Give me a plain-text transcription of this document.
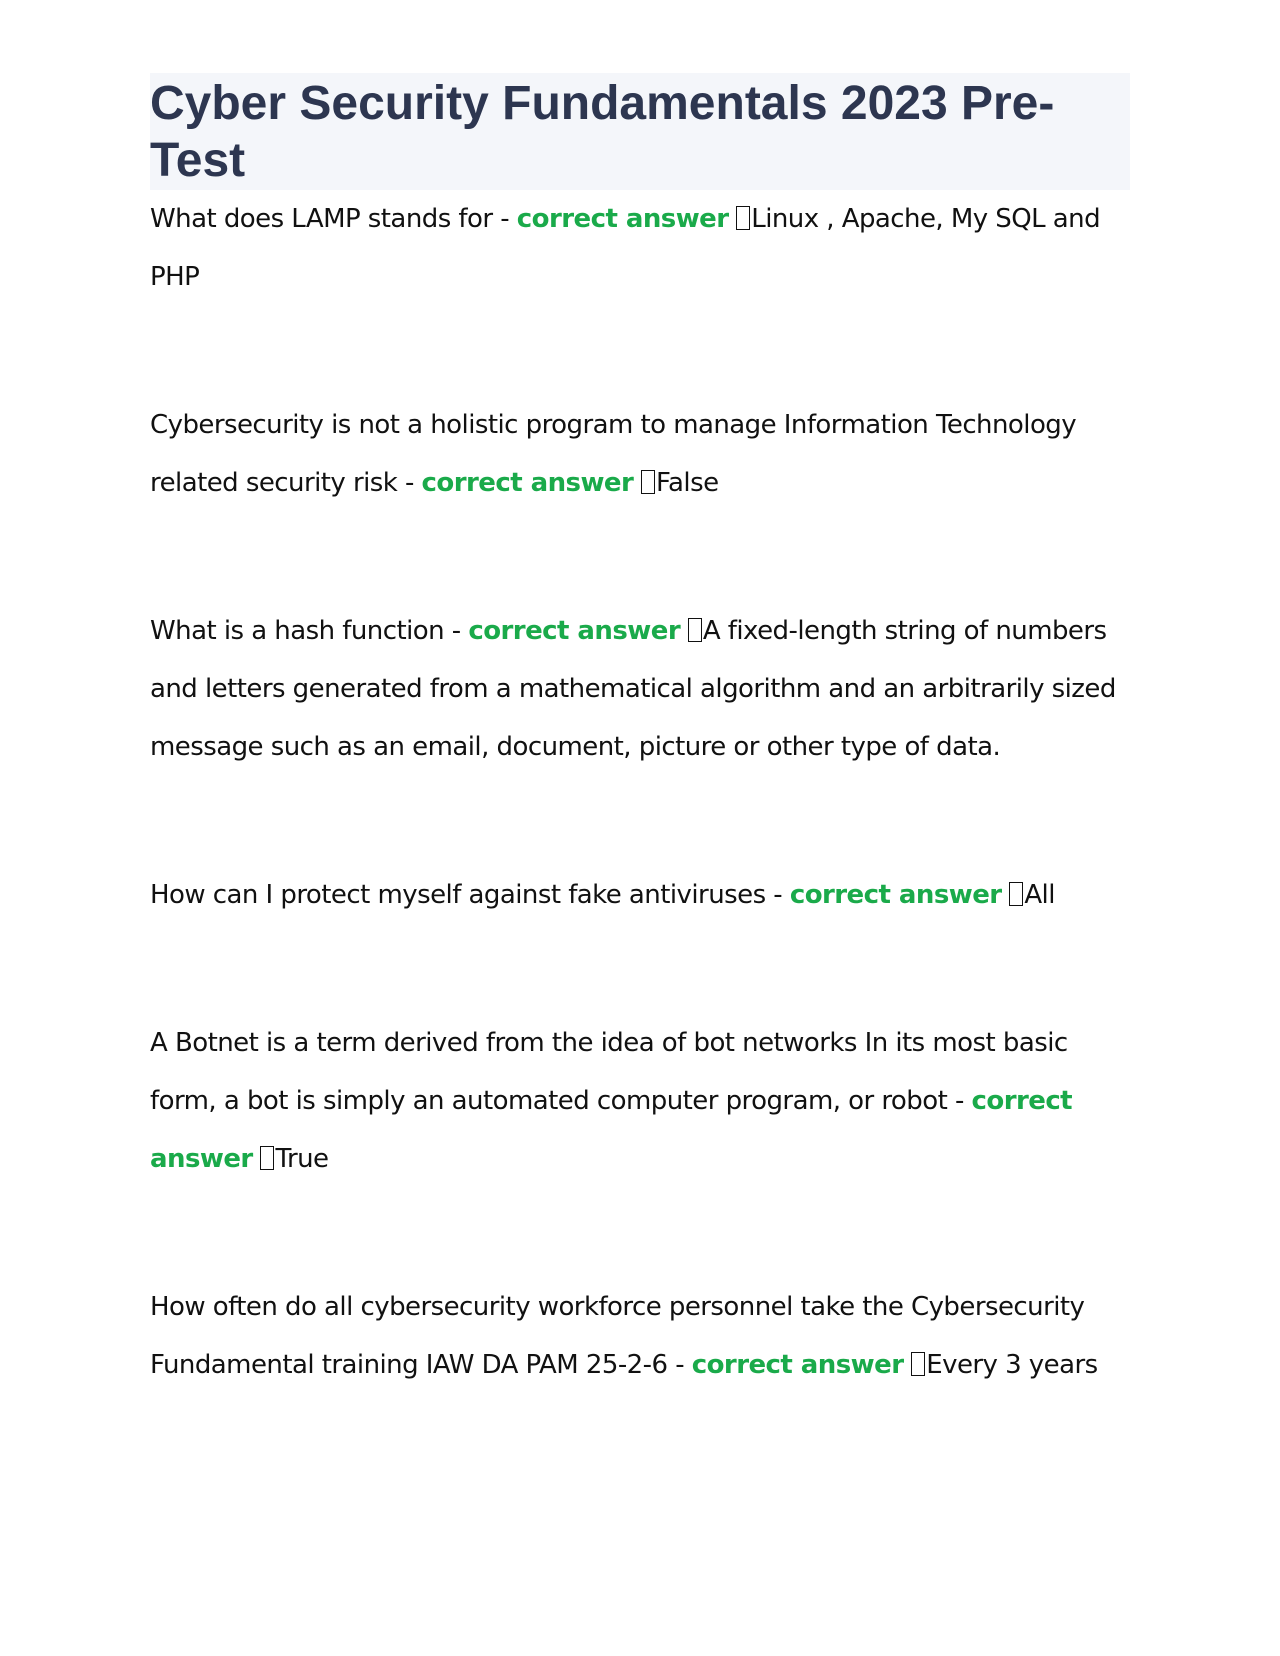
Cyber Security Fundamentals 2023 Pre-Test

What does LAMP stands for - correct answer Linux , Apache, My SQL and PHP

Cybersecurity is not a holistic program to manage Information Technology related security risk - correct answer False

What is a hash function - correct answer A fixed-length string of numbers and letters generated from a mathematical algorithm and an arbitrarily sized message such as an email, document, picture or other type of data.

How can I protect myself against fake antiviruses - correct answer All

A Botnet is a term derived from the idea of bot networks In its most basic form, a bot is simply an automated computer program, or robot - correct answer True

How often do all cybersecurity workforce personnel take the Cybersecurity Fundamental training IAW DA PAM 25-2-6 - correct answer Every 3 years
